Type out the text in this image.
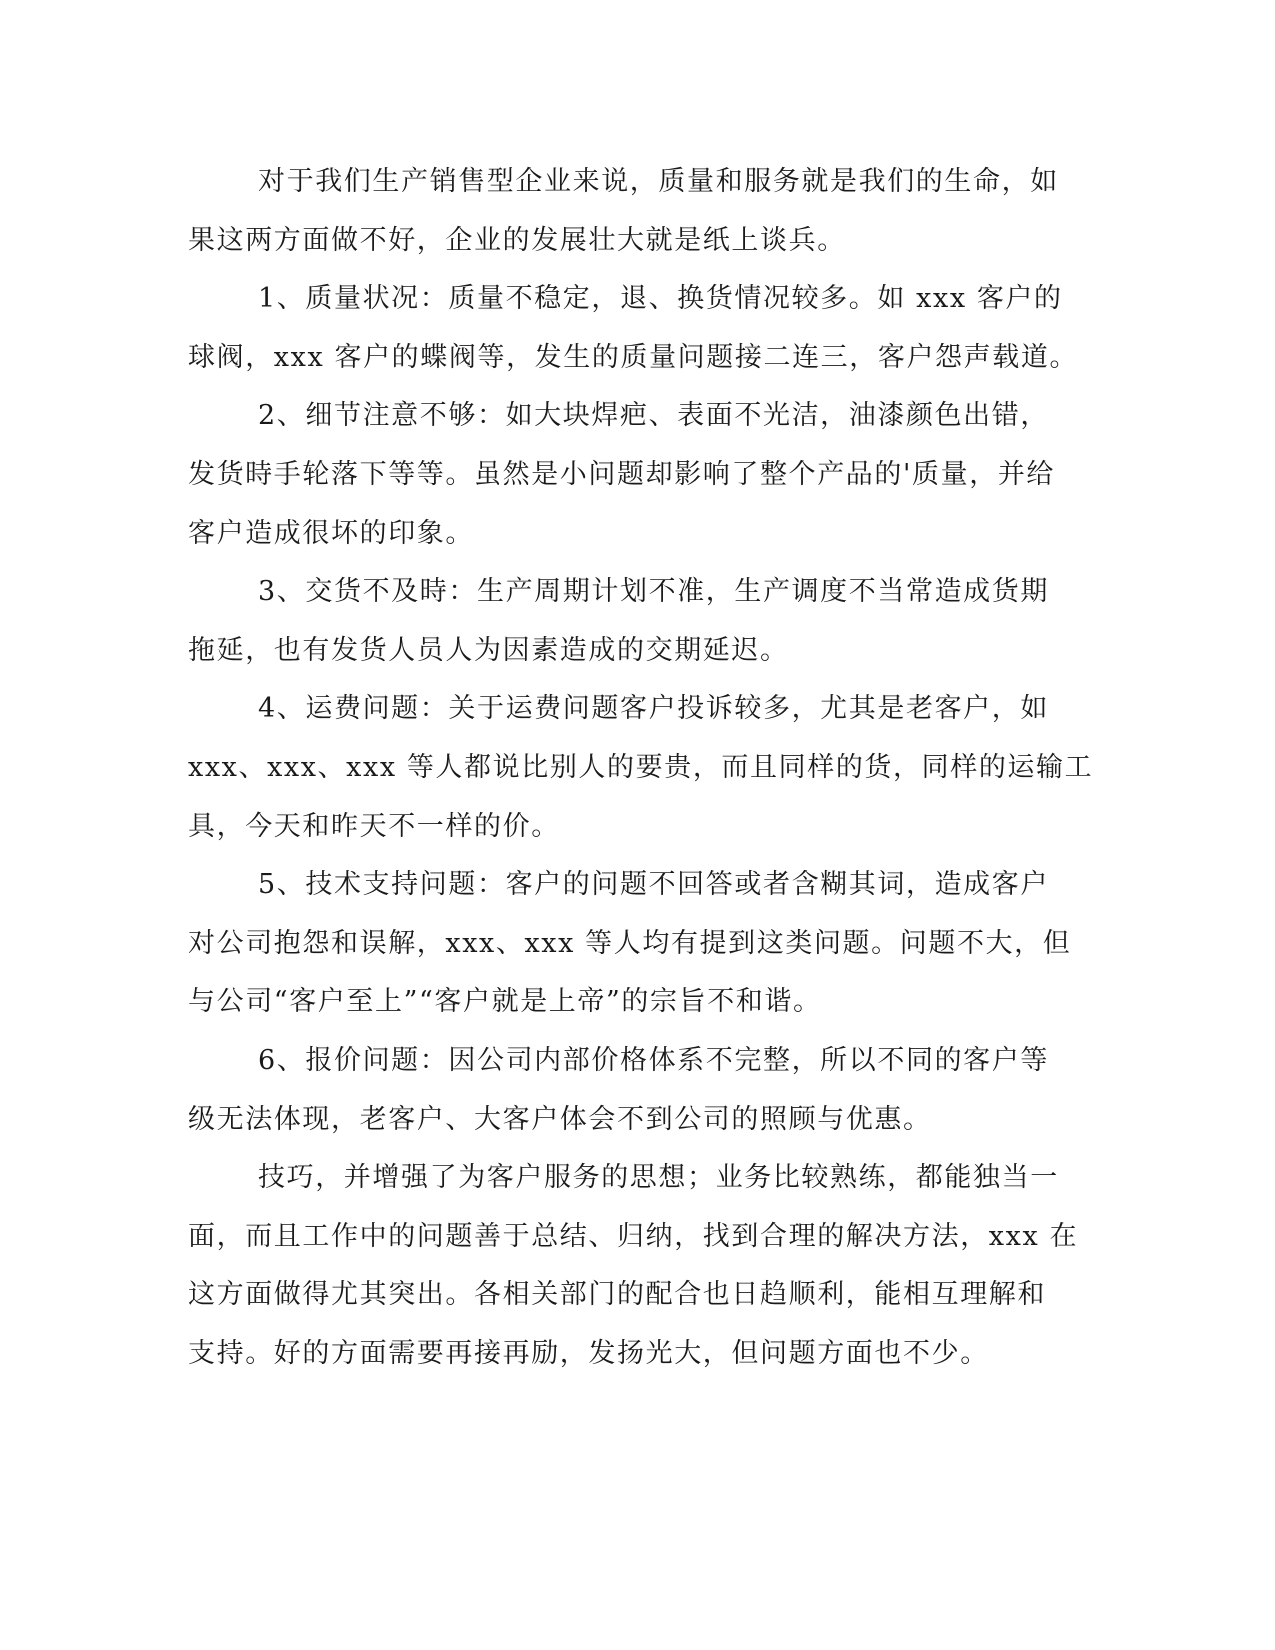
对于我们生产销售型企业来说，质量和服务就是我们的生命，如
果这两方面做不好，企业的发展壮大就是纸上谈兵。
1、质量状况：质量不稳定，退、换货情况较多。如 xxx 客户的
球阀，xxx 客户的蝶阀等，发生的质量问题接二连三，客户怨声载道。
2、细节注意不够：如大块焊疤、表面不光洁，油漆颜色出错，
发货時手轮落下等等。虽然是小问题却影响了整个产品的'质量，并给
客户造成很坏的印象。
3、交货不及時：生产周期计划不准，生产调度不当常造成货期
拖延，也有发货人员人为因素造成的交期延迟。
4、运费问题：关于运费问题客户投诉较多，尤其是老客户，如
xxx、xxx、xxx 等人都说比别人的要贵，而且同样的货，同样的运输工
具，今天和昨天不一样的价。
5、技术支持问题：客户的问题不回答或者含糊其词，造成客户
对公司抱怨和误解，xxx、xxx 等人均有提到这类问题。问题不大，但
与公司“客户至上”“客户就是上帝”的宗旨不和谐。
6、报价问题：因公司内部价格体系不完整，所以不同的客户等
级无法体现，老客户、大客户体会不到公司的照顾与优惠。
技巧，并增强了为客户服务的思想；业务比较熟练，都能独当一
面，而且工作中的问题善于总结、归纳，找到合理的解决方法，xxx 在
这方面做得尤其突出。各相关部门的配合也日趋顺利，能相互理解和
支持。好的方面需要再接再励，发扬光大，但问题方面也不少。
